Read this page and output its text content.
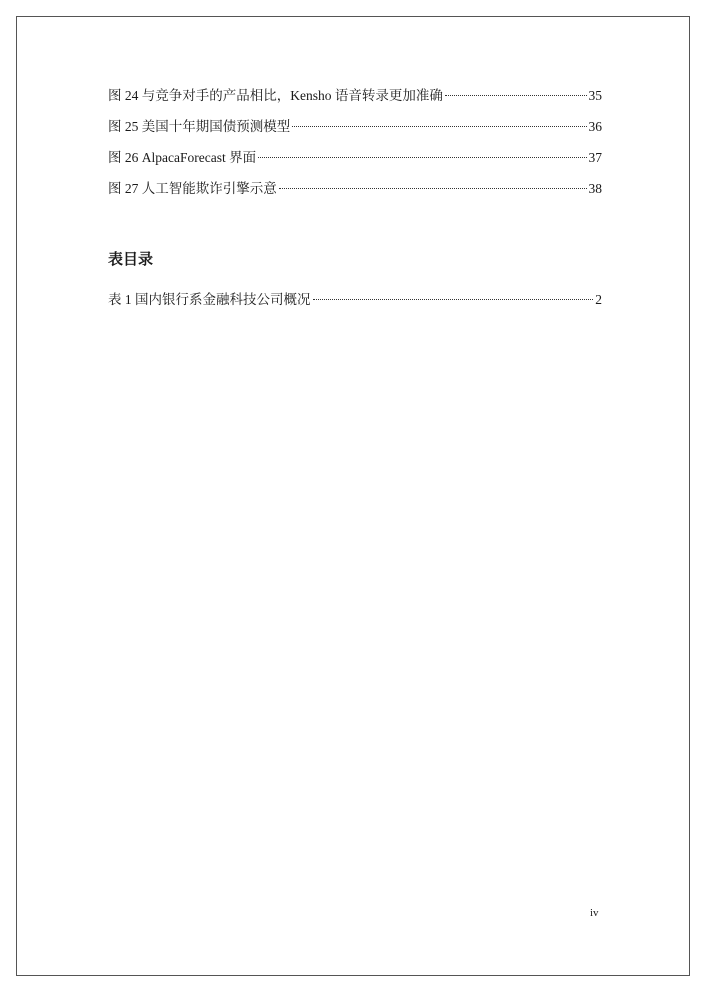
图 24 与竞争对手的产品相比，Kensho 语音转录更加准确	35
图 25 美国十年期国债预测模型	36
图 26 AlpacaForecast 界面	37
图 27 人工智能欺诈引擎示意	38
表目录
表 1 国内银行系金融科技公司概况	2
iv
